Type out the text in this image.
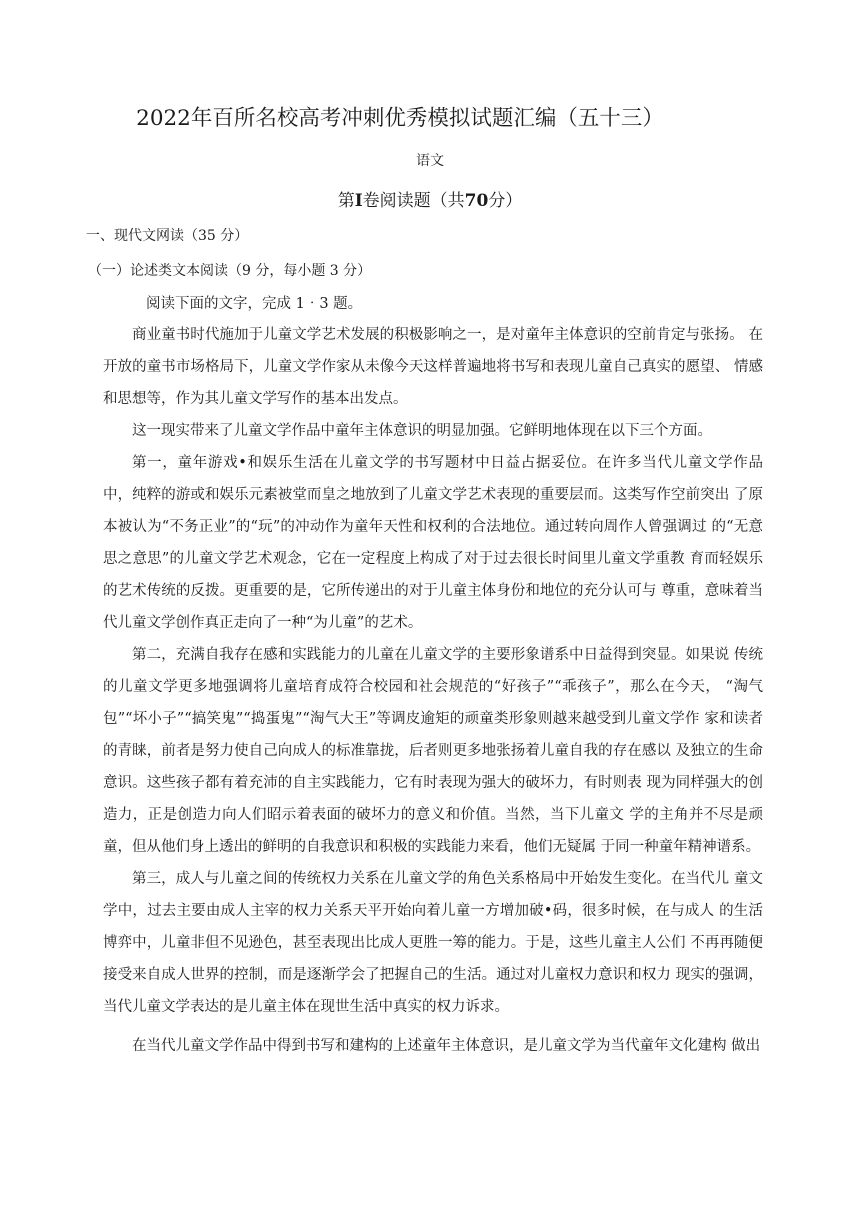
2022年百所名校高考冲刺优秀模拟试题汇编（五十三）
语文
第I卷阅读题（共70分）
一、现代文网读（35 分）
（一）论述类文本阅读（9 分，每小题 3 分）
阅读下面的文字，完成 1‧3 题。

商业童书时代施加于儿童文学艺术发展的积极影响之一，是对童年主体意识的空前肯定与张扬。 在开放的童书市场格局下，儿童文学作家从未像今天这样普遍地将书写和表现儿童自己真实的愿望、 情感和思想等，作为其儿童文学写作的基本出发点。

这一现实带来了儿童文学作品中童年主体意识的明显加强。它鲜明地体现在以下三个方面。

第一，童年游戏•和娱乐生活在儿童文学的书写题材中日益占据妥位。在许多当代儿童文学作品 中，纯粹的游或和娱乐元素被堂而皇之地放到了儿童文学艺术表现的重要层而。这类写作空前突出 了原本被认为“不务正业”的“玩”的冲动作为童年天性和权利的合法地位。通过转向周作人曾强调过 的“无意思之意思”的儿童文学艺术观念，它在一定程度上构成了对于过去很长时间里儿童文学重教 育而轻娱乐的艺术传统的反拨。更重要的是，它所传递出的对于儿童主体身份和地位的充分认可与 尊重，意味着当代儿童文学创作真正走向了一种“为儿童”的艺术。

第二，充满自我存在感和实践能力的儿童在儿童文学的主要形象谱系中日益得到突显。如果说 传统的儿童文学更多地强调将儿童培育成符合校园和社会规范的“好孩子”“乖孩子”，那么在今天， “淘气包”“坏小子”“搞笑鬼”“捣蛋鬼”“淘气大王”等调皮逾矩的顽童类形象则越来越受到儿童文学作 家和读者的青睐，前者是努力使自己向成人的标准靠拢，后者则更多地张扬着儿童自我的存在感以 及独立的生命意识。这些孩子都有着充沛的自主实践能力，它有时表现为强大的破坏力，有时则表 现为同样强大的创造力，正是创造力向人们昭示着表面的破坏力的意义和价值。当然，当下儿童文 学的主角并不尽是顽童，但从他们身上透出的鲜明的自我意识和积极的实践能力来看，他们无疑属 于同一种童年精神谱系。

第三，成人与儿童之间的传统权力关系在儿童文学的角色关系格局中开始发生变化。在当代儿 童文学中，过去主要由成人主宰的权力关系天平开始向着儿童一方增加破•码，很多时候，在与成人 的生活博弈中，儿童非但不见逊色，甚至表现出比成人更胜一筹的能力。于是，这些儿童主人公们 不再再随便接受来自成人世界的控制，而是逐渐学会了把握自己的生活。通过对儿童权力意识和权力 现实的强调，当代儿童文学表达的是儿童主体在现世生活中真实的权力诉求。

在当代儿童文学作品中得到书写和建构的上述童年主体意识，是儿童文学为当代童年文化建构 做出
